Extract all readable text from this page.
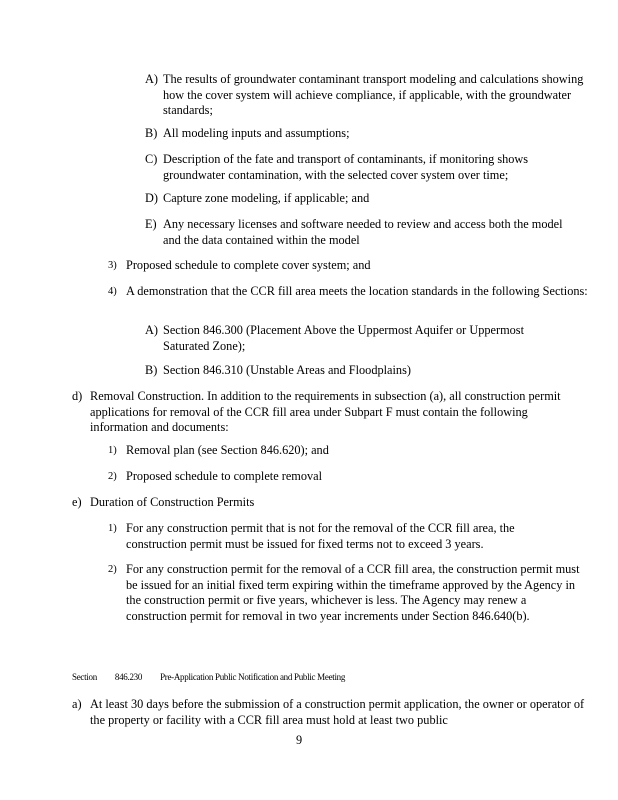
A) The results of groundwater contaminant transport modeling and calculations showing how the cover system will achieve compliance, if applicable, with the groundwater standards;
B) All modeling inputs and assumptions;
C) Description of the fate and transport of contaminants, if monitoring shows groundwater contamination, with the selected cover system over time;
D) Capture zone modeling, if applicable; and
E) Any necessary licenses and software needed to review and access both the model and the data contained within the model
3) Proposed schedule to complete cover system; and
4) A demonstration that the CCR fill area meets the location standards in the following Sections:
A) Section 846.300 (Placement Above the Uppermost Aquifer or Uppermost Saturated Zone);
B) Section 846.310 (Unstable Areas and Floodplains)
d) Removal Construction. In addition to the requirements in subsection (a), all construction permit applications for removal of the CCR fill area under Subpart F must contain the following information and documents:
1) Removal plan (see Section 846.620); and
2) Proposed schedule to complete removal
e) Duration of Construction Permits
1) For any construction permit that is not for the removal of the CCR fill area, the construction permit must be issued for fixed terms not to exceed 3 years.
2) For any construction permit for the removal of a CCR fill area, the construction permit must be issued for an initial fixed term expiring within the timeframe approved by the Agency in the construction permit or five years, whichever is less. The Agency may renew a construction permit for removal in two year increments under Section 846.640(b).
Section 846.230 Pre-Application Public Notification and Public Meeting
a) At least 30 days before the submission of a construction permit application, the owner or operator of the property or facility with a CCR fill area must hold at least two public
9
